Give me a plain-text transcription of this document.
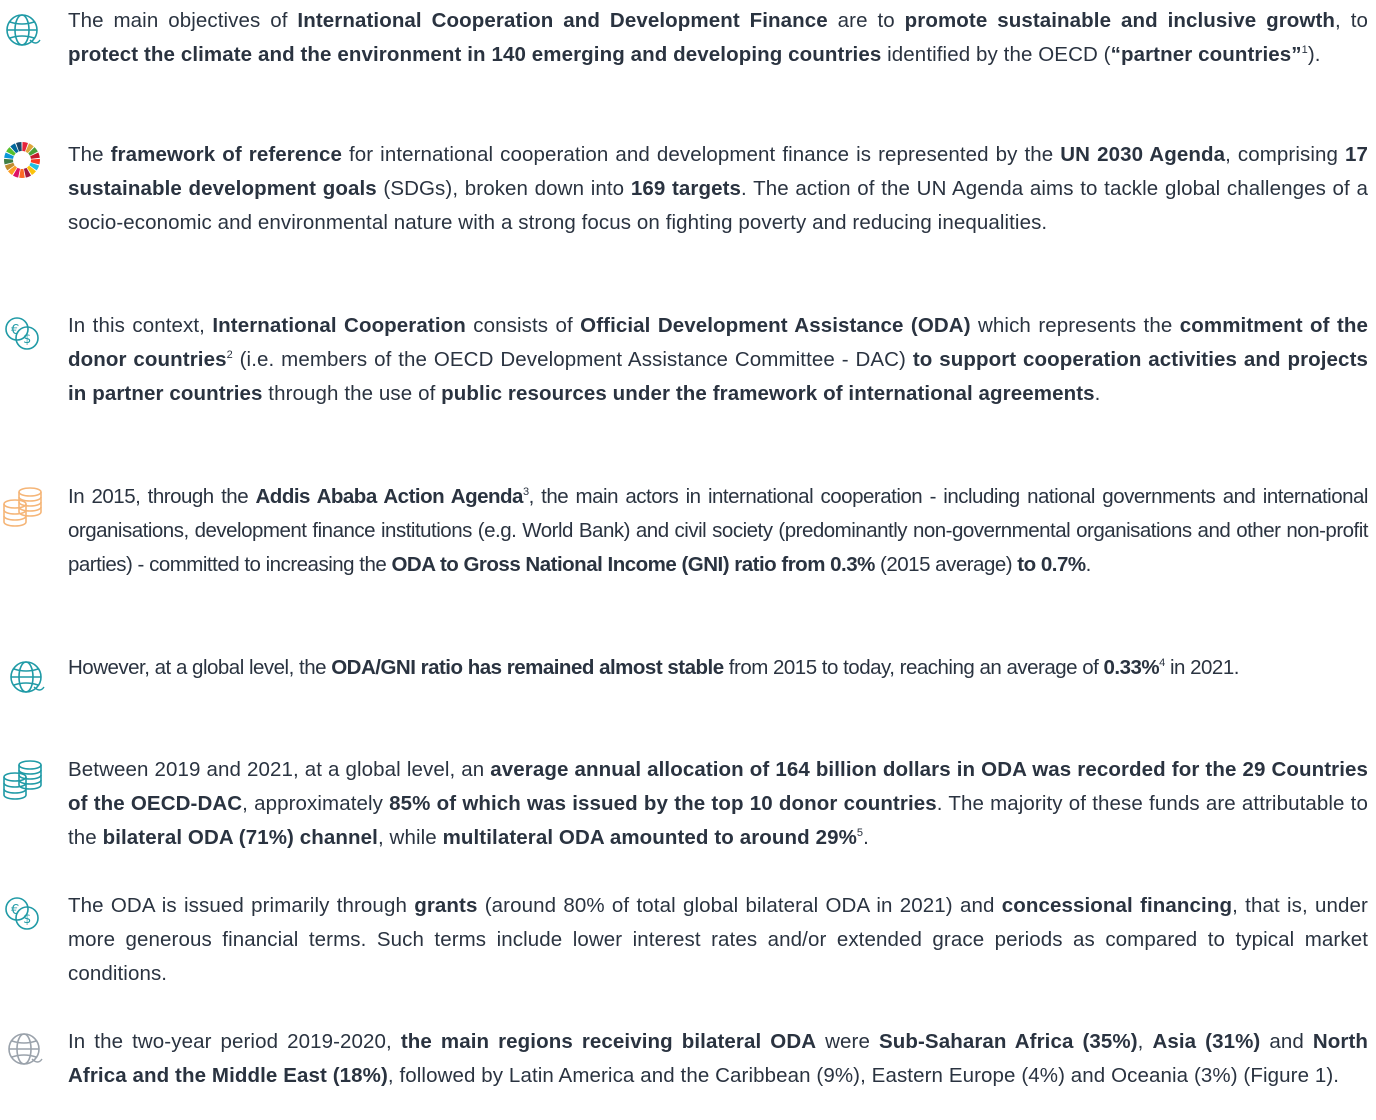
The main objectives of International Cooperation and Development Finance are to promote sustainable and inclusive growth, to protect the climate and the environment in 140 emerging and developing countries identified by the OECD (“partner countries”$^1$).
The framework of reference for international cooperation and development finance is represented by the UN 2030 Agenda, comprising 17 sustainable development goals (SDGs), broken down into 169 targets. The action of the UN Agenda aims to tackle global challenges of a socio-economic and environmental nature with a strong focus on fighting poverty and reducing inequalities.
€
$
In this context, International Cooperation consists of Official Development Assistance (ODA) which represents the commitment of the donor countries$^2$ (i.e. members of the OECD Development Assistance Committee - DAC) to support cooperation activities and projects in partner countries through the use of public resources under the framework of international agreements.
In 2015, through the Addis Ababa Action Agenda$^3$, the main actors in international cooperation - including national governments and international organisations, development finance institutions (e.g. World Bank) and civil society (predominantly non-governmental organisations and other non-profit parties) - committed to increasing the ODA to Gross National Income (GNI) ratio from 0.3% (2015 average) to 0.7%.
However, at a global level, the ODA/GNI ratio has remained almost stable from 2015 to today, reaching an average of 0.33%$^4$ in 2021.
Between 2019 and 2021, at a global level, an average annual allocation of 164 billion dollars in ODA was recorded for the 29 Countries of the OECD-DAC, approximately 85% of which was issued by the top 10 donor countries. The majority of these funds are attributable to the bilateral ODA (71%) channel, while multilateral ODA amounted to around 29%$^5$.
€
$
The ODA is issued primarily through grants (around 80% of total global bilateral ODA in 2021) and concessional financing, that is, under more generous financial terms. Such terms include lower interest rates and/or extended grace periods as compared to typical market conditions.
In the two-year period 2019-2020, the main regions receiving bilateral ODA were Sub-Saharan Africa (35%), Asia (31%) and North Africa and the Middle East (18%), followed by Latin America and the Caribbean (9%), Eastern Europe (4%) and Oceania (3%) (Figure 1).
